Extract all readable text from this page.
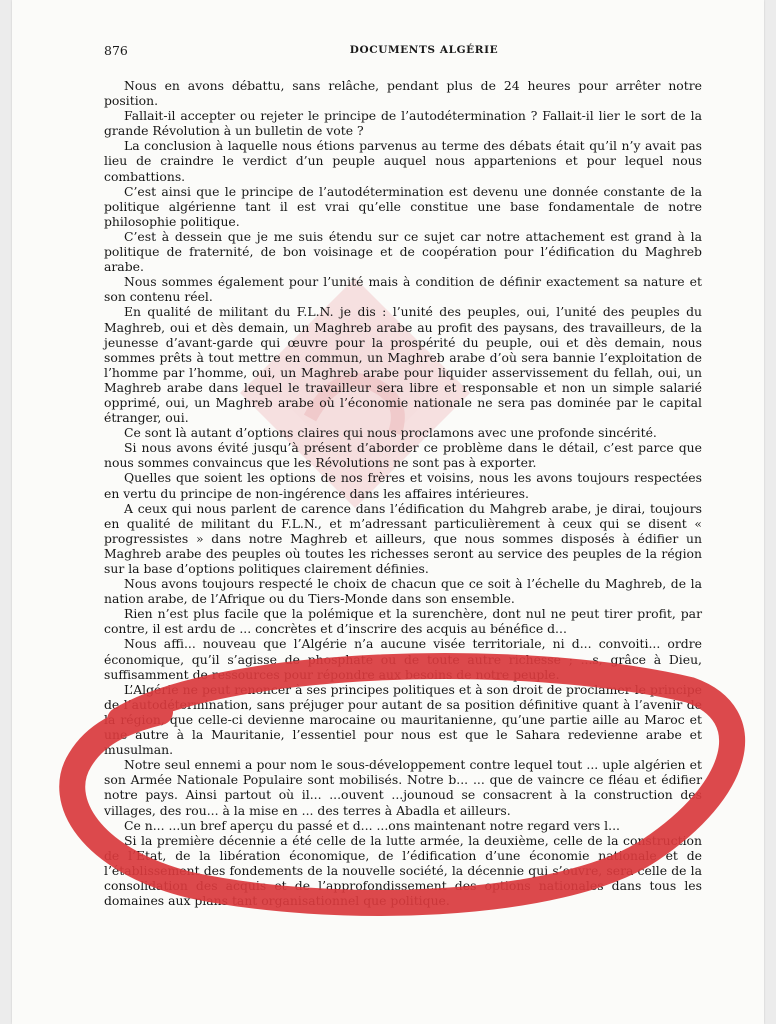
876	DOCUMENTS ALGÉRIE

Nous en avons débattu, sans relâche, pendant plus de 24 heures pour arrêter notre position.

Fallait-il accepter ou rejeter le principe de l’autodétermination ? Fallait-il lier le sort de la grande Révolution à un bulletin de vote ?

La conclusion à laquelle nous étions parvenus au terme des débats était qu’il n’y avait pas lieu de craindre le verdict d’un peuple auquel nous appartenions et pour lequel nous combattions.

C’est ainsi que le principe de l’autodétermination est devenu une donnée constante de la politique algérienne tant il est vrai qu’elle constitue une base fondamentale de notre philosophie politique.

C’est à dessein que je me suis étendu sur ce sujet car notre attachement est grand à la politique de fraternité, de bon voisinage et de coopération pour l’édification du Maghreb arabe.

Nous sommes également pour l’unité mais à condition de définir exactement sa nature et son contenu réel.

En qualité de militant du F.L.N. je dis : l’unité des peuples, oui, l’unité des peuples du Maghreb, oui et dès demain, un Maghreb arabe au profit des paysans, des travailleurs, de la jeunesse d’avant-garde qui œuvre pour la prospérité du peuple, oui et dès demain, nous sommes prêts à tout mettre en commun, un Maghreb arabe d’où sera bannie l’exploitation de l’homme par l’homme, oui, un Maghreb arabe pour liquider asservissement du fellah, oui, un Maghreb arabe dans lequel le travailleur sera libre et responsable et non un simple salarié opprimé, oui, un Maghreb arabe où l’économie nationale ne sera pas dominée par le capital étranger, oui.

Ce sont là autant d’options claires qui nous proclamons avec une profonde sincérité.

Si nous avons évité jusqu’à présent d’aborder ce problème dans le détail, c’est parce que nous sommes convaincus que les Révolutions ne sont pas à exporter.

Quelles que soient les options de nos frères et voisins, nous les avons toujours respectées en vertu du principe de non-ingérence dans les affaires intérieures.

A ceux qui nous parlent de carence dans l’édification du Mahgreb arabe, je dirai, toujours en qualité de militant du F.L.N., et m’adressant particulièrement à ceux qui se disent « progressistes » dans notre Maghreb et ailleurs, que nous sommes disposés à édifier un Maghreb arabe des peuples où toutes les richesses seront au service des peuples de la région sur la base d’options politiques clairement définies.

Nous avons toujours respecté le choix de chacun que ce soit à l’échelle du Maghreb, de la nation arabe, de l’Afrique ou du Tiers-Monde dans son ensemble.

Rien n’est plus facile que la polémique et la surenchère, dont nul ne peut tirer profit, par contre, il est ardu de ... concrètes et d’inscrire des acquis au bénéfice d...

Nous affi... nouveau que l’Algérie n’a aucune visée territoriale, ni d... convoiti... ordre économique, qu’il s’agisse de phosphate ou de toute autre richesse ; ...s, grâce à Dieu, suffisamment de ressources pour répondre aux besoins de notre peuple.

L’Algérie ne peut renoncer à ses principes politiques et à son droit de proclamer le principe de l’autodétermination, sans préjuger pour autant de sa position définitive quant à l’avenir de la région, que celle-ci devienne marocaine ou mauritanienne, qu’une partie aille au Maroc et une autre à la Mauritanie, l’essentiel pour nous est que le Sahara redevienne arabe et musulman.

Notre seul ennemi a pour nom le sous-développement contre lequel tout ... uple algérien et son Armée Nationale Populaire sont mobilisés. Notre b... ... que de vaincre ce fléau et édifier notre pays. Ainsi partout où il... ...ouvent ...jounoud se consacrent à la construction des villages, des rou... à la mise en ... des terres à Abadla et ailleurs.

Ce n... ...un bref aperçu du passé et d... ...ons maintenant notre regard vers l...

Si la première décennie a été celle de la lutte armée, la deuxième, celle de la construction de l’Etat, de la libération économique, de l’édification d’une économie nationale et de l’établissement des fondements de la nouvelle société, la décennie qui s’ouvre, sera celle de la consolidation des acquis et de l’approfondissement des options nationales dans tous les domaines aux plans tant organisationnel que politique.
